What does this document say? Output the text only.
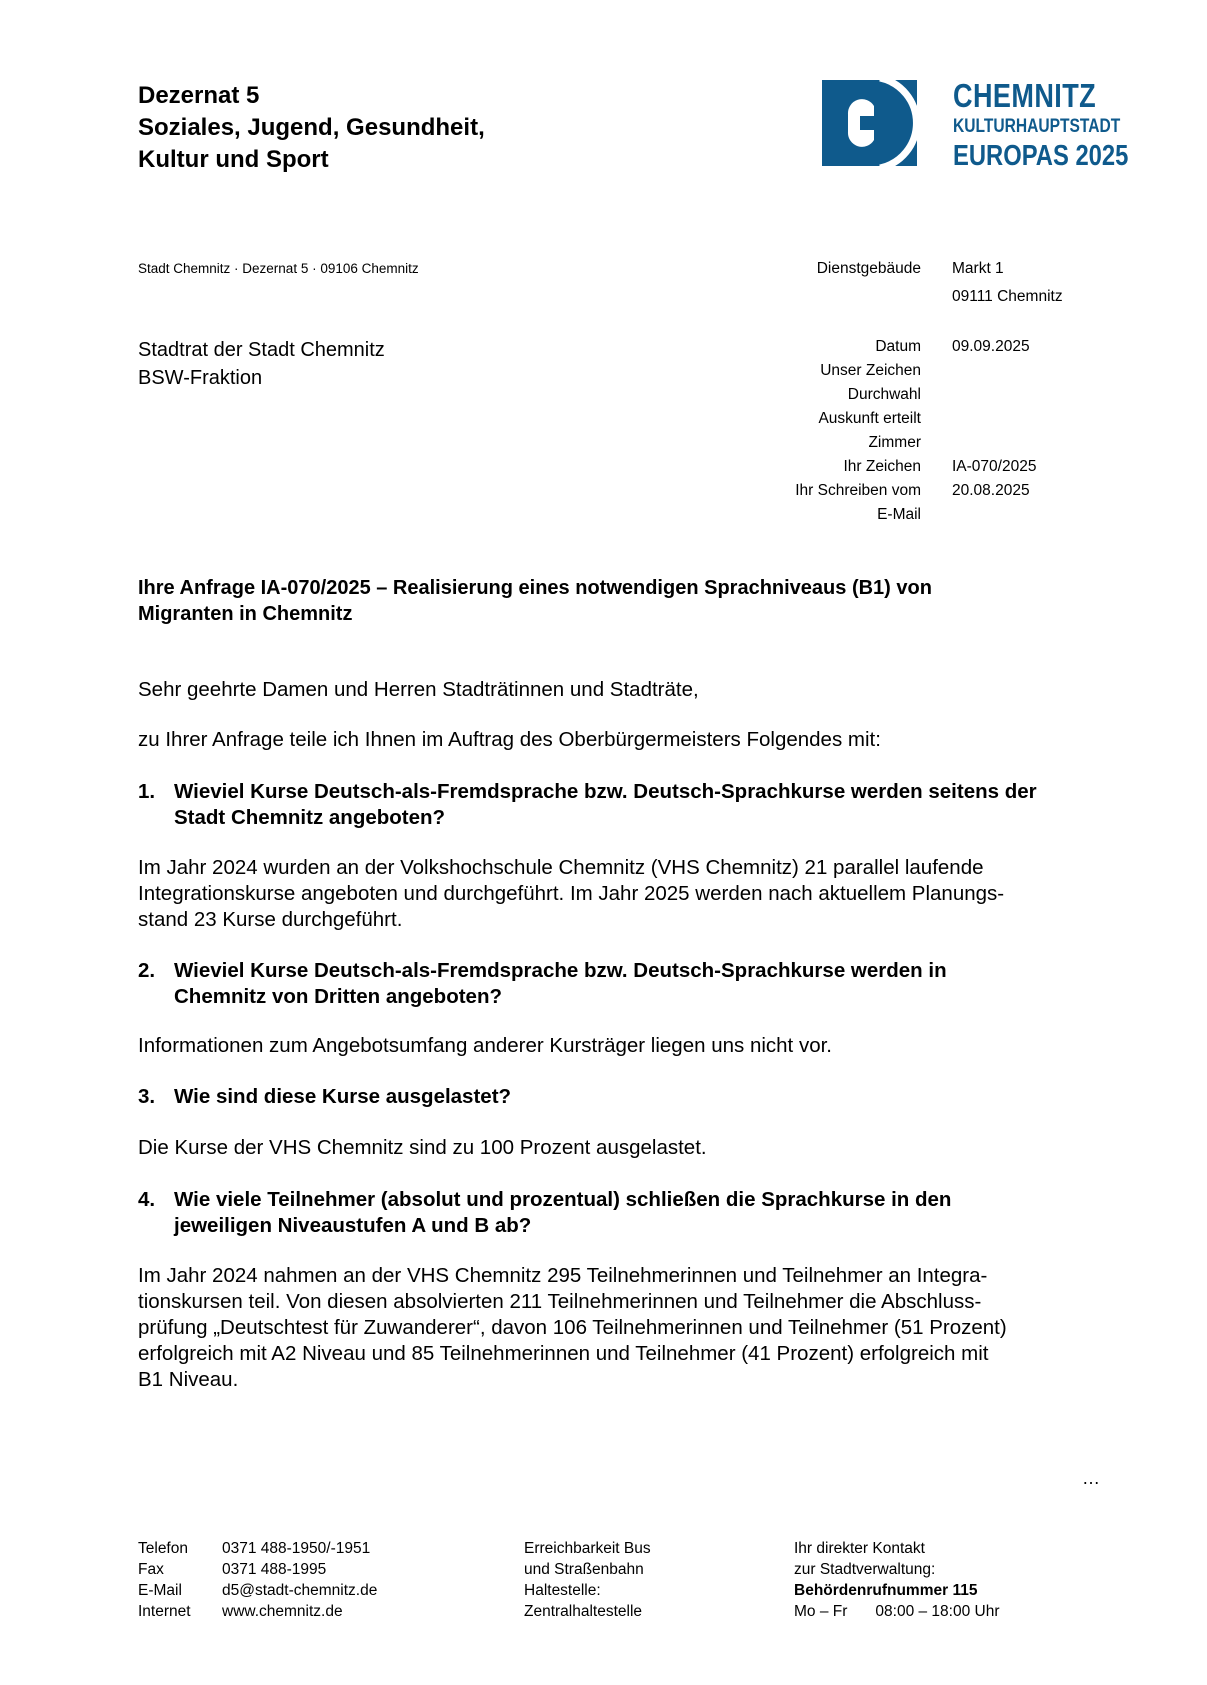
Dezernat 5
Soziales, Jugend, Gesundheit,
Kultur und Sport
CHEMNITZ
KULTURHAUPTSTADT
EUROPAS 2025
Stadt Chemnitz · Dezernat 5 · 09106 Chemnitz
Stadtrat der Stadt Chemnitz
BSW-Fraktion
Dienstgebäude Markt 1
09111 Chemnitz
Datum 09.09.2025
Unser Zeichen
Durchwahl
Auskunft erteilt
Zimmer
Ihr Zeichen IA-070/2025
Ihr Schreiben vom 20.08.2025
E-Mail
Ihre Anfrage IA-070/2025 – Realisierung eines notwendigen Sprachniveaus (B1) von
Migranten in Chemnitz
Sehr geehrte Damen und Herren Stadträtinnen und Stadträte,
zu Ihrer Anfrage teile ich Ihnen im Auftrag des Oberbürgermeisters Folgendes mit:
1. Wieviel Kurse Deutsch-als-Fremdsprache bzw. Deutsch-Sprachkurse werden seitens der
Stadt Chemnitz angeboten?
Im Jahr 2024 wurden an der Volkshochschule Chemnitz (VHS Chemnitz) 21 parallel laufende
Integrationskurse angeboten und durchgeführt. Im Jahr 2025 werden nach aktuellem Planungs-
stand 23 Kurse durchgeführt.
2. Wieviel Kurse Deutsch-als-Fremdsprache bzw. Deutsch-Sprachkurse werden in
Chemnitz von Dritten angeboten?
Informationen zum Angebotsumfang anderer Kursträger liegen uns nicht vor.
3. Wie sind diese Kurse ausgelastet?
Die Kurse der VHS Chemnitz sind zu 100 Prozent ausgelastet.
4. Wie viele Teilnehmer (absolut und prozentual) schließen die Sprachkurse in den
jeweiligen Niveaustufen A und B ab?
Im Jahr 2024 nahmen an der VHS Chemnitz 295 Teilnehmerinnen und Teilnehmer an Integra-
tionskursen teil. Von diesen absolvierten 211 Teilnehmerinnen und Teilnehmer die Abschluss-
prüfung „Deutschtest für Zuwanderer“, davon 106 Teilnehmerinnen und Teilnehmer (51 Prozent)
erfolgreich mit A2 Niveau und 85 Teilnehmerinnen und Teilnehmer (41 Prozent) erfolgreich mit
B1 Niveau.
…
Telefon
Fax
E-Mail
Internet
0371 488-1950/-1951
0371 488-1995
d5@stadt-chemnitz.de
www.chemnitz.de
Erreichbarkeit Bus
und Straßenbahn
Haltestelle:
Zentralhaltestelle
Ihr direkter Kontakt
zur Stadtverwaltung:
Behördenrufnummer 115
Mo – Fr 08:00 – 18:00 Uhr
